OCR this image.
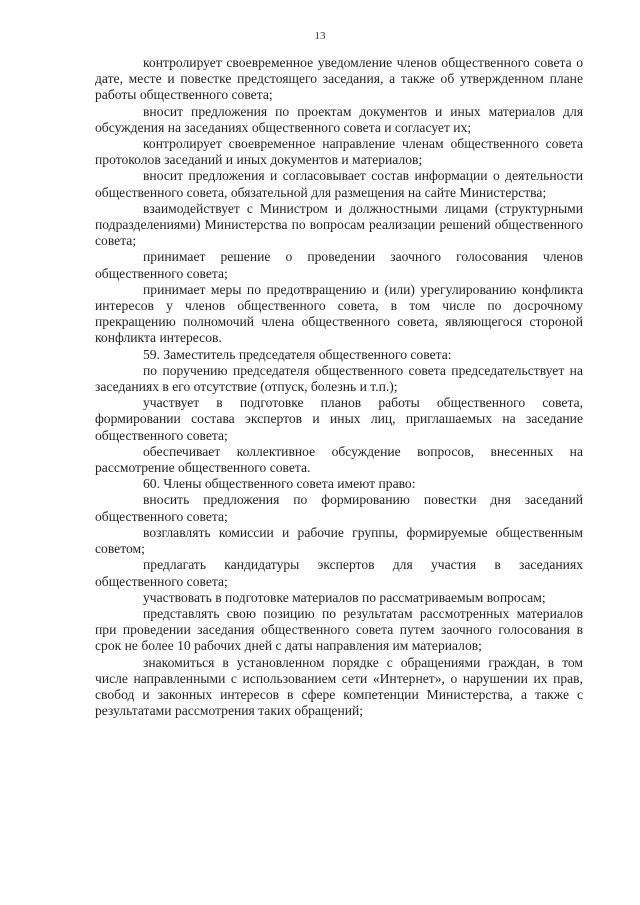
13

контролирует своевременное уведомление членов общественного совета о дате, месте и повестке предстоящего заседания, а также об утвержденном плане работы общественного совета;

вносит предложения по проектам документов и иных материалов для обсуждения на заседаниях общественного совета и согласует их;

контролирует своевременное направление членам общественного совета протоколов заседаний и иных документов и материалов;

вносит предложения и согласовывает состав информации о деятельности общественного совета, обязательной для размещения на сайте Министерства;

взаимодействует с Министром и должностными лицами (структурными подразделениями) Министерства по вопросам реализации решений общественного совета;

принимает решение о проведении заочного голосования членов общественного совета;

принимает меры по предотвращению и (или) урегулированию конфликта интересов у членов общественного совета, в том числе по досрочному прекращению полномочий члена общественного совета, являющегося стороной конфликта интересов.

59. Заместитель председателя общественного совета:

по поручению председателя общественного совета председательствует на заседаниях в его отсутствие (отпуск, болезнь и т.п.);

участвует в подготовке планов работы общественного совета, формировании состава экспертов и иных лиц, приглашаемых на заседание общественного совета;

обеспечивает коллективное обсуждение вопросов, внесенных на рассмотрение общественного совета.

60. Члены общественного совета имеют право:

вносить предложения по формированию повестки дня заседаний общественного совета;

возглавлять комиссии и рабочие группы, формируемые общественным советом;

предлагать кандидатуры экспертов для участия в заседаниях общественного совета;

участвовать в подготовке материалов по рассматриваемым вопросам;

представлять свою позицию по результатам рассмотренных материалов при проведении заседания общественного совета путем заочного голосования в срок не более 10 рабочих дней с даты направления им материалов;

знакомиться в установленном порядке с обращениями граждан, в том числе направленными с использованием сети «Интернет», о нарушении их прав, свобод и законных интересов в сфере компетенции Министерства, а также с результатами рассмотрения таких обращений;
